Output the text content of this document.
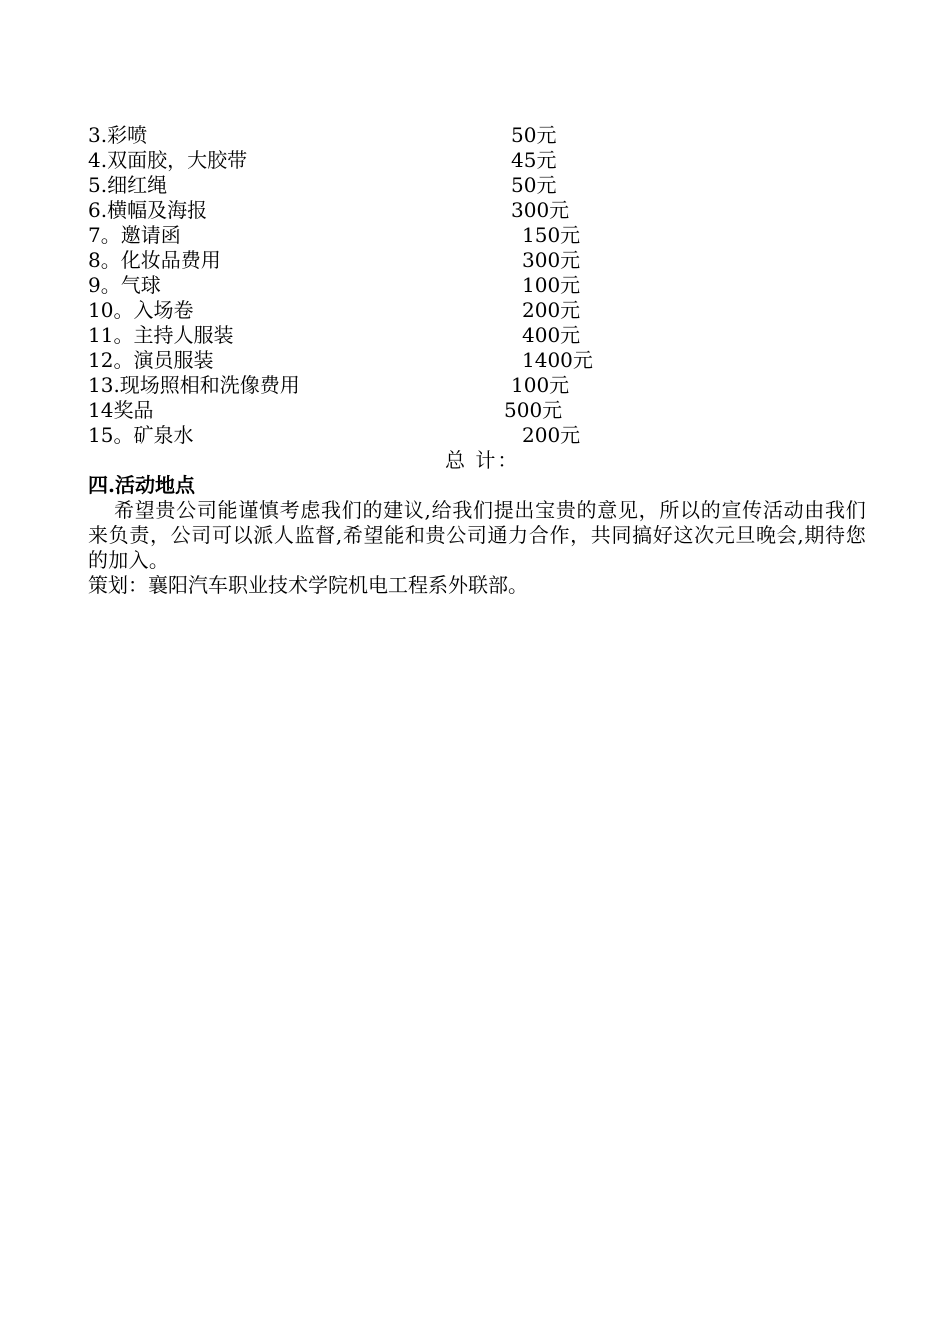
3.彩喷	50元
4.双面胶，大胶带	45元
5.细红绳	50元
6.横幅及海报	300元
7。邀请函	150元
8。化妆品费用	300元
9。气球	100元
10。入场卷	200元
11。主持人服装	400元
12。演员服装	1400元
13.现场照相和洗像费用	100元
14奖品	500元
15。矿泉水	200元
总 计：
四.活动地点
希望贵公司能谨慎考虑我们的建议,给我们提出宝贵的意见，所以的宣传活动由我们来负责，公司可以派人监督,希望能和贵公司通力合作，共同搞好这次元旦晚会,期待您的加入。
策划：襄阳汽车职业技术学院机电工程系外联部。
